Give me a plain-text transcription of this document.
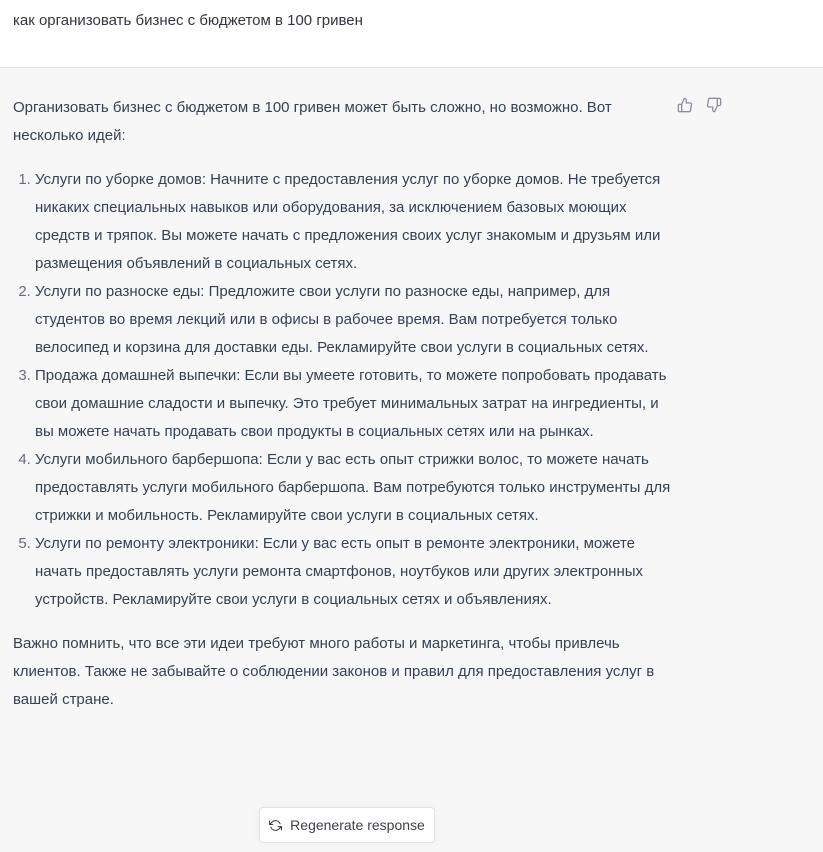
как организовать бизнес с бюджетом в 100 гривен

Организовать бизнес с бюджетом в 100 гривен может быть сложно, но возможно. Вот несколько идей:

1. Услуги по уборке домов: Начните с предоставления услуг по уборке домов. Не требуется никаких специальных навыков или оборудования, за исключением базовых моющих средств и тряпок. Вы можете начать с предложения своих услуг знакомым и друзьям или размещения объявлений в социальных сетях.
2. Услуги по разноске еды: Предложите свои услуги по разноске еды, например, для студентов во время лекций или в офисы в рабочее время. Вам потребуется только велосипед и корзина для доставки еды. Рекламируйте свои услуги в социальных сетях.
3. Продажа домашней выпечки: Если вы умеете готовить, то можете попробовать продавать свои домашние сладости и выпечку. Это требует минимальных затрат на ингредиенты, и вы можете начать продавать свои продукты в социальных сетях или на рынках.
4. Услуги мобильного барбершопа: Если у вас есть опыт стрижки волос, то можете начать предоставлять услуги мобильного барбершопа. Вам потребуются только инструменты для стрижки и мобильность. Рекламируйте свои услуги в социальных сетях.
5. Услуги по ремонту электроники: Если у вас есть опыт в ремонте электроники, можете начать предоставлять услуги ремонта смартфонов, ноутбуков или других электронных устройств. Рекламируйте свои услуги в социальных сетях и объявлениях.

Важно помнить, что все эти идеи требуют много работы и маркетинга, чтобы привлечь клиентов. Также не забывайте о соблюдении законов и правил для предоставления услуг в вашей стране.

Regenerate response
